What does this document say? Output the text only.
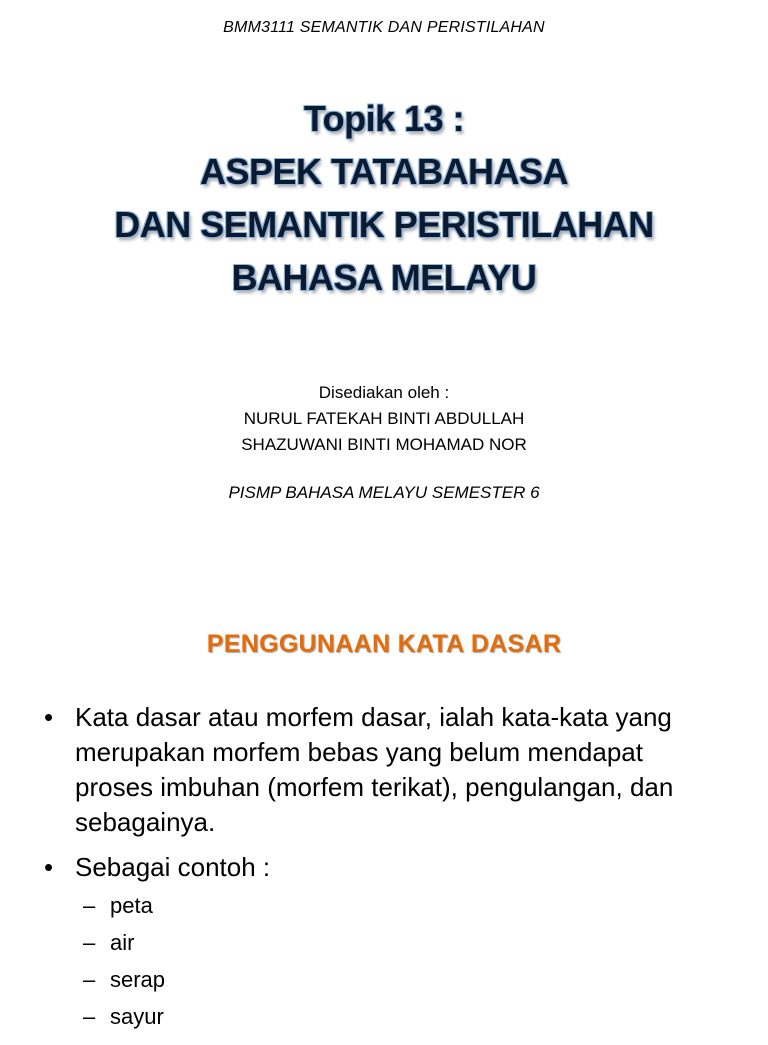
BMM3111 SEMANTIK DAN PERISTILAHAN
Topik 13 :
ASPEK TATABAHASA
DAN SEMANTIK PERISTILAHAN
BAHASA MELAYU
Disediakan oleh :
NURUL FATEKAH BINTI ABDULLAH
SHAZUWANI BINTI MOHAMAD NOR
PISMP BAHASA MELAYU SEMESTER 6
PENGGUNAAN KATA DASAR
• Kata dasar atau morfem dasar, ialah kata-kata yang merupakan morfem bebas yang belum mendapat proses imbuhan (morfem terikat), pengulangan, dan sebagainya.
• Sebagai contoh :
– peta
– air
– serap
– sayur
